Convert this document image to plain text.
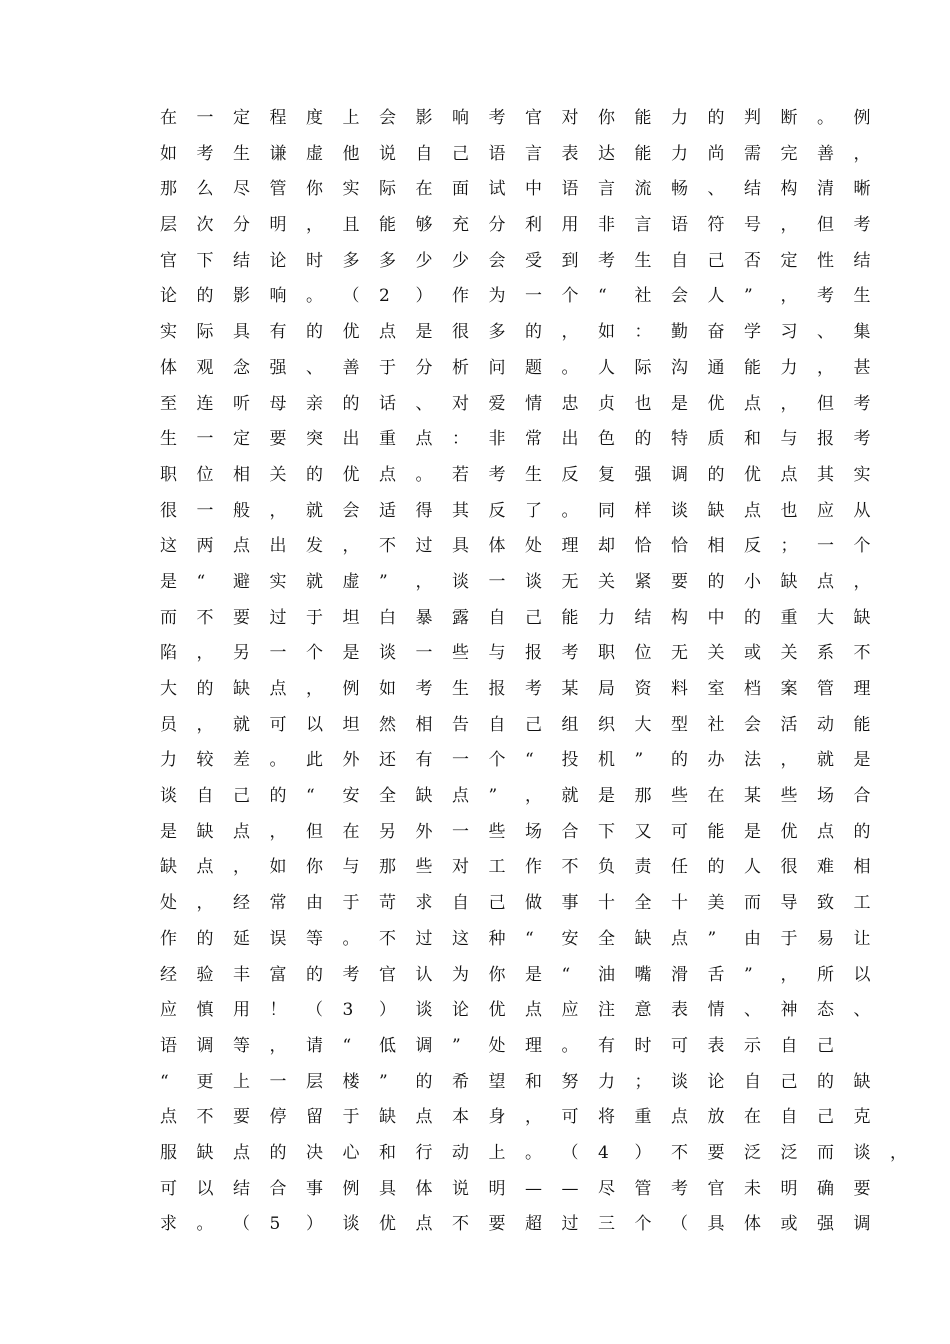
在 一 定 程 度 上 会 影 响 考 官 对 你 能 力 的 判 断 。 例
如 考 生 谦 虚 他 说 自 己 语 言 表 达 能 力 尚 需 完 善 ，
那 么 尽 管 你 实 际 在 面 试 中 语 言 流 畅 、 结 构 清 晰
层 次 分 明 ， 且 能 够 充 分 利 用 非 言 语 符 号 ， 但 考
官 下 结 论 时 多 多 少 少 会 受 到 考 生 自 己 否 定 性 结
论 的 影 响 。 （ 2 ） 作 为 一 个 “ 社 会 人 ” ， 考 生
实 际 具 有 的 优 点 是 很 多 的 ， 如 ： 勤 奋 学 习 、 集
体 观 念 强 、 善 于 分 析 问 题 。 人 际 沟 通 能 力 ， 甚
至 连 听 母 亲 的 话 、 对 爱 情 忠 贞 也 是 优 点 ， 但 考
生 一 定 要 突 出 重 点 ： 非 常 出 色 的 特 质 和 与 报 考
职 位 相 关 的 优 点 。 若 考 生 反 复 强 调 的 优 点 其 实
很 一 般 ， 就 会 适 得 其 反 了 。 同 样 谈 缺 点 也 应 从
这 两 点 出 发 ， 不 过 具 体 处 理 却 恰 恰 相 反 ； 一 个
是 “ 避 实 就 虚 ” ， 谈 一 谈 无 关 紧 要 的 小 缺 点 ，
而 不 要 过 于 坦 白 暴 露 自 己 能 力 结 构 中 的 重 大 缺
陷 ， 另 一 个 是 谈 一 些 与 报 考 职 位 无 关 或 关 系 不
大 的 缺 点 ， 例 如 考 生 报 考 某 局 资 料 室 档 案 管 理
员 ， 就 可 以 坦 然 相 告 自 己 组 织 大 型 社 会 活 动 能
力 较 差 。 此 外 还 有 一 个 “ 投 机 ” 的 办 法 ， 就 是
谈 自 己 的 “ 安 全 缺 点 ” ， 就 是 那 些 在 某 些 场 合
是 缺 点 ， 但 在 另 外 一 些 场 合 下 又 可 能 是 优 点 的
缺 点 ， 如 你 与 那 些 对 工 作 不 负 责 任 的 人 很 难 相
处 ， 经 常 由 于 苛 求 自 己 做 事 十 全 十 美 而 导 致 工
作 的 延 误 等 。 不 过 这 种 “ 安 全 缺 点 ” 由 于 易 让
经 验 丰 富 的 考 官 认 为 你 是 “ 油 嘴 滑 舌 ” ， 所 以
应 慎 用 ！ （ 3 ） 谈 论 优 点 应 注 意 表 情 、 神 态 、
语 调 等 ， 请 “ 低 调 ” 处 理 。 有 时 可 表 示 自 己
“ 更 上 一 层 楼 ” 的 希 望 和 努 力 ； 谈 论 自 己 的 缺
点 不 要 停 留 于 缺 点 本 身 ， 可 将 重 点 放 在 自 己 克
服 缺 点 的 决 心 和 行 动 上 。 （ 4 ） 不 要 泛 泛 而 谈 ，
可 以 结 合 事 例 具 体 说 明 — — 尽 管 考 官 未 明 确 要
求 。 （ 5 ） 谈 优 点 不 要 超 过 三 个 （ 具 体 或 强 调
